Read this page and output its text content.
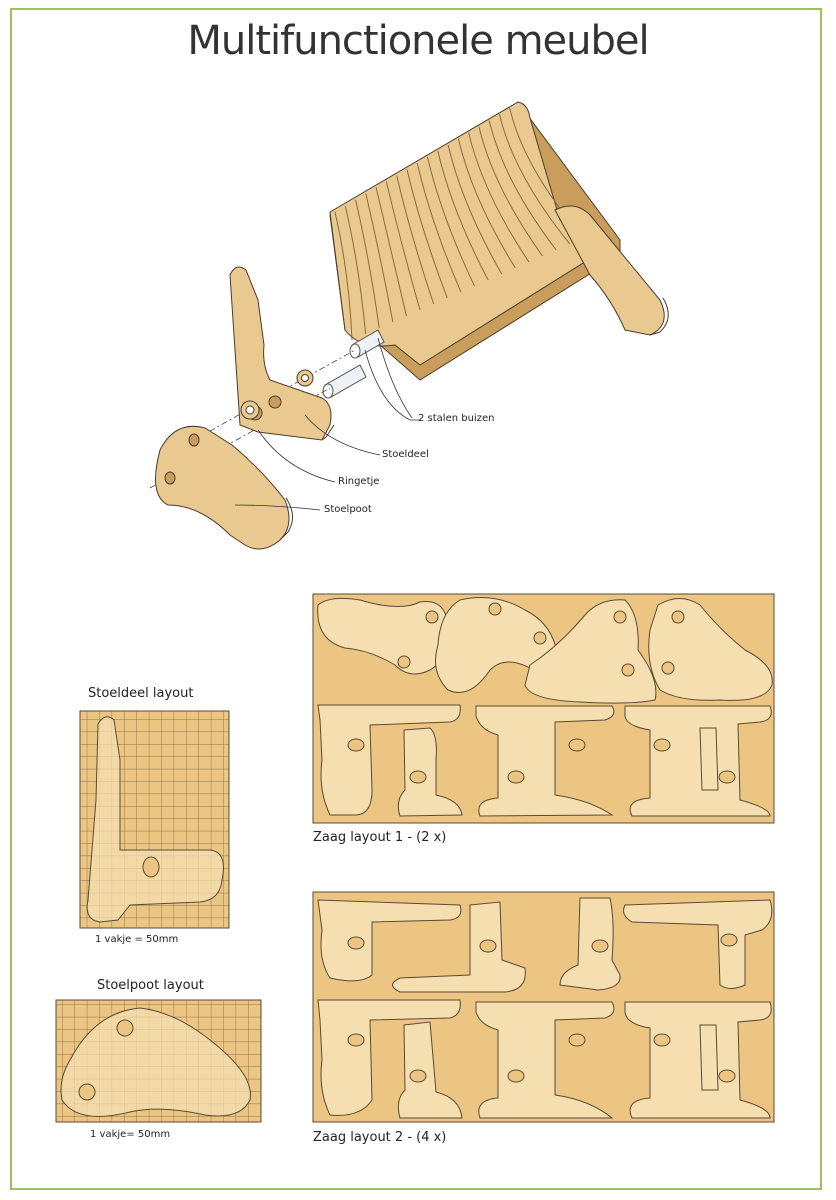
Multifunctionele meubel
2 stalen buizen
Stoeldeel
Ringetje
Stoelpoot
Stoeldeel layout
1 vakje = 50mm
Stoelpoot layout
1 vakje= 50mm
Zaag layout 1 - (2 x)
Zaag layout 2 - (4 x)
